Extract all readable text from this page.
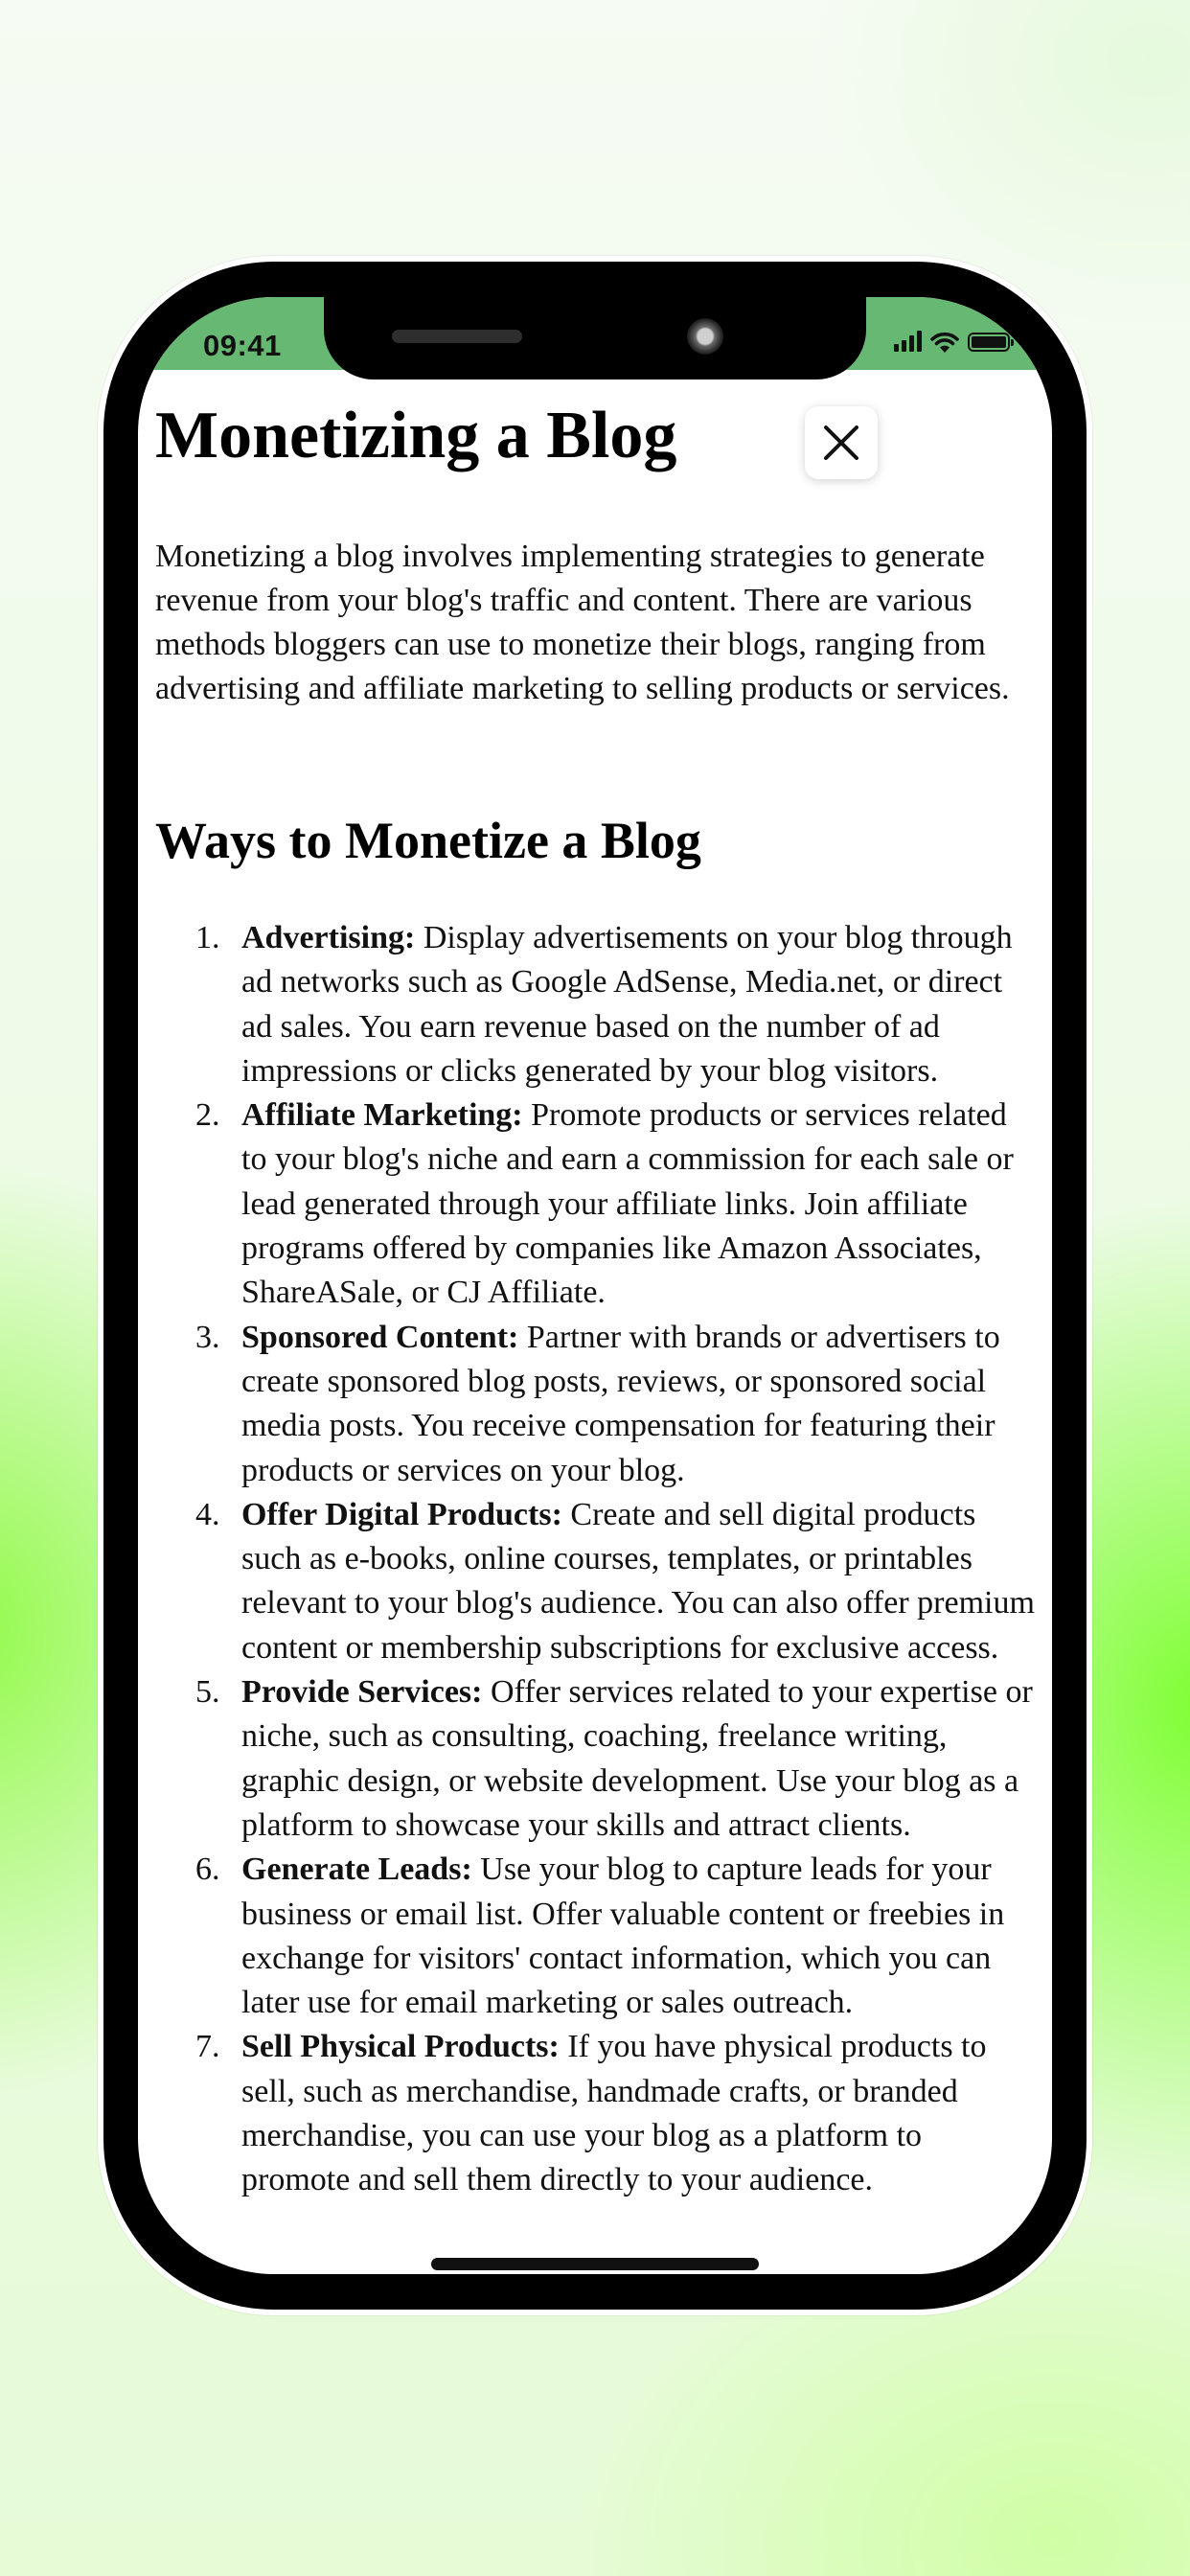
09:41
Monetizing a Blog

Monetizing a blog involves implementing strategies to generate revenue from your blog's traffic and content. There are various methods bloggers can use to monetize their blogs, ranging from advertising and affiliate marketing to selling products or services.

Ways to Monetize a Blog
1. Advertising: Display advertisements on your blog through ad networks such as Google AdSense, Media.net, or direct ad sales. You earn revenue based on the number of ad impressions or clicks generated by your blog visitors.
2. Affiliate Marketing: Promote products or services related to your blog's niche and earn a commission for each sale or lead generated through your affiliate links. Join affiliate programs offered by companies like Amazon Associates, ShareASale, or CJ Affiliate.
3. Sponsored Content: Partner with brands or advertisers to create sponsored blog posts, reviews, or sponsored social media posts. You receive compensation for featuring their products or services on your blog.
4. Offer Digital Products: Create and sell digital products such as e-books, online courses, templates, or printables relevant to your blog's audience. You can also offer premium content or membership subscriptions for exclusive access.
5. Provide Services: Offer services related to your expertise or niche, such as consulting, coaching, freelance writing, graphic design, or website development. Use your blog as a platform to showcase your skills and attract clients.
6. Generate Leads: Use your blog to capture leads for your business or email list. Offer valuable content or freebies in exchange for visitors' contact information, which you can later use for email marketing or sales outreach.
7. Sell Physical Products: If you have physical products to sell, such as merchandise, handmade crafts, or branded merchandise, you can use your blog as a platform to promote and sell them directly to your audience.
